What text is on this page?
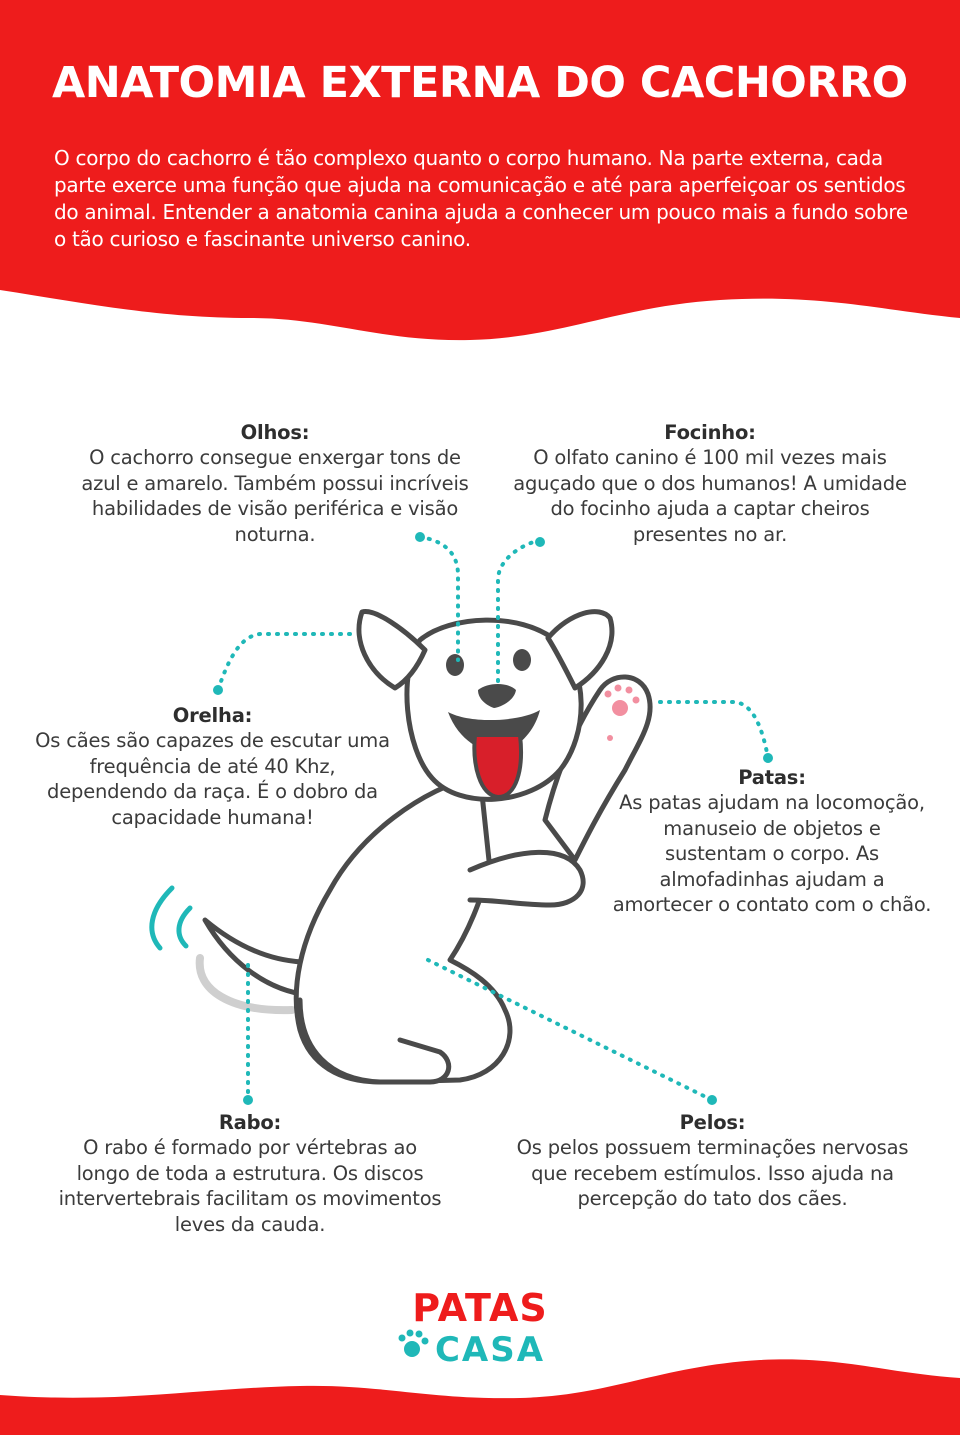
ANATOMIA EXTERNA DO CACHORRO

O corpo do cachorro é tão complexo quanto o corpo humano. Na parte externa, cada parte exerce uma função que ajuda na comunicação e até para aperfeiçoar os sentidos do animal. Entender a anatomia canina ajuda a conhecer um pouco mais a fundo sobre o tão curioso e fascinante universo canino.

Olhos:

O cachorro consegue enxergar tons de azul e amarelo. Também possui incríveis habilidades de visão periférica e visão noturna.

Focinho:

O olfato canino é 100 mil vezes mais aguçado que o dos humanos! A umidade do focinho ajuda a captar cheiros presentes no ar.

Orelha:

Os cães são capazes de escutar uma frequência de até 40 Khz, dependendo da raça. É o dobro da capacidade humana!

Patas:

As patas ajudam na locomoção, manuseio de objetos e sustentam o corpo. As almofadinhas ajudam a amortecer o contato com o chão.

Rabo:

O rabo é formado por vértebras ao longo de toda a estrutura. Os discos intervertebrais facilitam os movimentos leves da cauda.

Pelos:

Os pelos possuem terminações nervosas que recebem estímulos. Isso ajuda na percepção do tato dos cães.

PATAS
CASA
